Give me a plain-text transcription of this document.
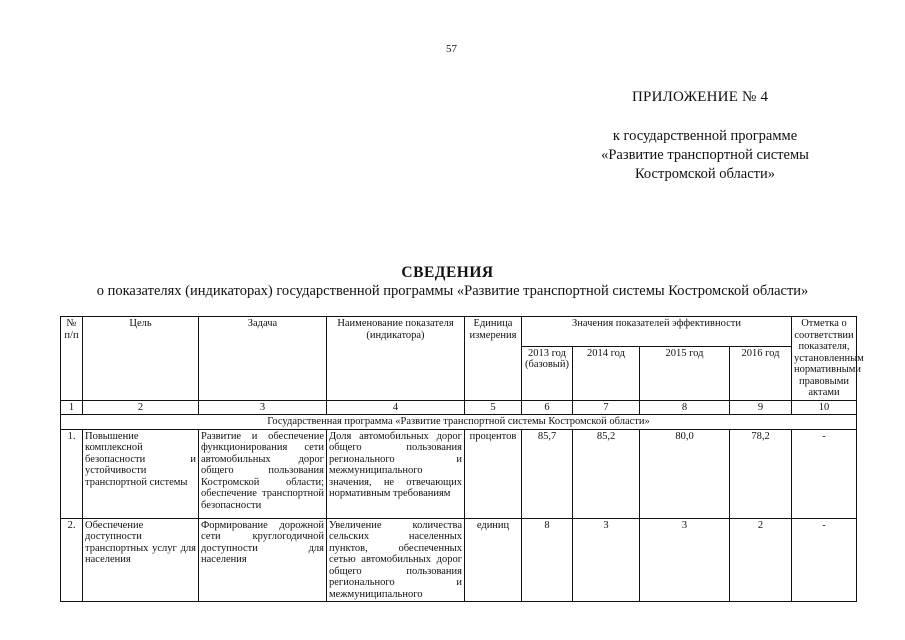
57
ПРИЛОЖЕНИЕ № 4
к государственной программе
«Развитие транспортной системы
Костромской области»
СВЕДЕНИЯ
о показателях (индикаторах) государственной программы «Развитие транспортной системы Костромской области»
№ п/п	Цель	Задача	Наименование показателя (индикатора)	Единица измерения	Значения показателей эффективности				Отметка о соответствии показателя, установленным нормативными правовыми актами
					2013 год (базовый)	2014 год	2015 год	2016 год	
1	2	3	4	5	6	7	8	9	10
Государственная программа «Развитие транспортной системы Костромской области»									
1.	Повышение комплексной безопасности и устойчивости транспортной системы	Развитие и обеспечение функционирования сети автомобильных дорог общего пользования Костромской области; обеспечение транспортной безопасности	Доля автомобильных дорог общего пользования регионального и межмуниципального значения, не отвечающих нормативным требованиям	процентов	85,7	85,2	80,0	78,2	-
2.	Обеспечение доступности транспортных услуг для населения	Формирование дорожной сети круглогодичной доступности для населения	Увеличение количества сельских населенных пунктов, обеспеченных сетью автомобильных дорог общего пользования регионального и межмуниципального	единиц	8	3	3	2	-
